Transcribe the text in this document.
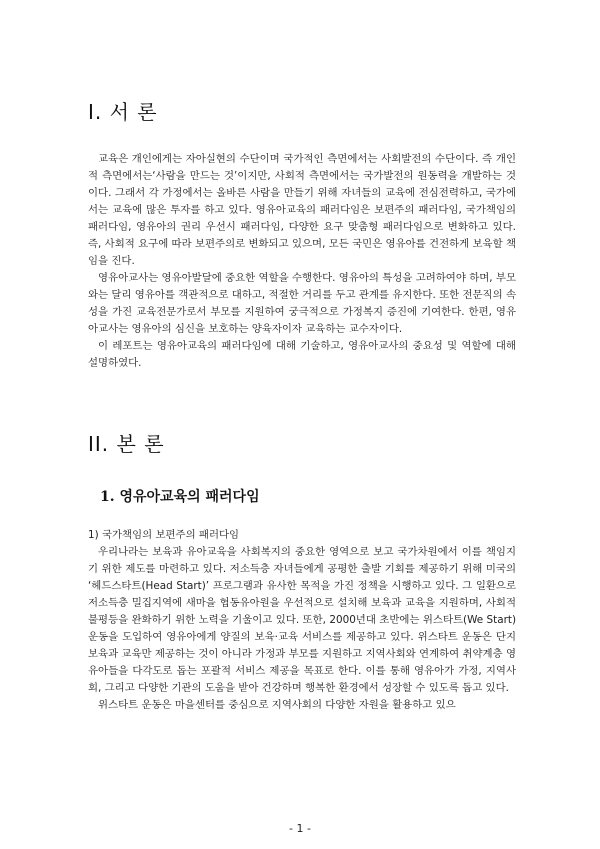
I. 서 론

교육은 개인에게는 자아실현의 수단이며 국가적인 측면에서는 사회발전의 수단이다. 즉 개인적 측면에서는‘사람을 만드는 것’이지만, 사회적 측면에서는 국가발전의 원동력을 개발하는 것이다. 그래서 각 가정에서는 올바른 사람을 만들기 위해 자녀들의 교육에 전심전력하고, 국가에서는 교육에 많은 투자를 하고 있다. 영유아교육의 패러다임은 보편주의 패러다임, 국가책임의 패러다임, 영유아의 권리 우선시 패러다임, 다양한 요구 맞춤형 패러다임으로 변화하고 있다. 즉, 사회적 요구에 따라 보편주의로 변화되고 있으며, 모든 국민은 영유아를 건전하게 보육할 책임을 진다.

영유아교사는 영유아발달에 중요한 역할을 수행한다. 영유아의 특성을 고려하여야 하며, 부모와는 달리 영유아를 객관적으로 대하고, 적절한 거리를 두고 관계를 유지한다. 또한 전문직의 속성을 가진 교육전문가로서 부모를 지원하여 궁극적으로 가정복지 증진에 기여한다. 한편, 영유아교사는 영유아의 심신을 보호하는 양육자이자 교육하는 교수자이다.

이 레포트는 영유아교육의 패러다임에 대해 기술하고, 영유아교사의 중요성 및 역할에 대해 설명하였다.

II. 본 론
1. 영유아교육의 패러다임

1) 국가책임의 보편주의 패러다임

우리나라는 보육과 유아교육을 사회복지의 중요한 영역으로 보고 국가차원에서 이를 책임지기 위한 제도를 마련하고 있다. 저소득층 자녀들에게 공평한 출발 기회를 제공하기 위해 미국의 ‘헤드스타트(Head Start)’ 프로그램과 유사한 목적을 가진 정책을 시행하고 있다. 그 일환으로 저소득층 밀집지역에 새마을 협동유아원을 우선적으로 설치해 보육과 교육을 지원하며, 사회적 불평등을 완화하기 위한 노력을 기울이고 있다. 또한, 2000년대 초반에는 위스타트(We Start) 운동을 도입하여 영유아에게 양질의 보육·교육 서비스를 제공하고 있다. 위스타트 운동은 단지 보육과 교육만 제공하는 것이 아니라 가정과 부모를 지원하고 지역사회와 연계하여 취약계층 영유아들을 다각도로 돕는 포괄적 서비스 제공을 목표로 한다. 이를 통해 영유아가 가정, 지역사회, 그리고 다양한 기관의 도움을 받아 건강하며 행복한 환경에서 성장할 수 있도록 돕고 있다.

위스타트 운동은 마을센터를 중심으로 지역사회의 다양한 자원을 활용하고 있으

- 1 -
